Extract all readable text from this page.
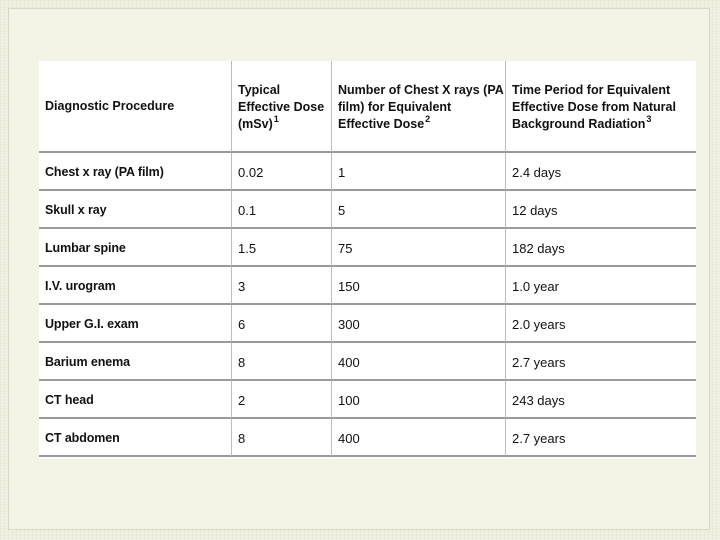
Diagnostic Procedure	Typical Effective Dose (mSv)$^1$	Number of Chest X rays (PA film) for Equivalent Effective Dose$^2$	Time Period for Equivalent Effective Dose from Natural Background Radiation$^3$
Chest x ray (PA film)	0.02	1	2.4 days
Skull x ray	0.1	5	12 days
Lumbar spine	1.5	75	182 days
I.V. urogram	3	150	1.0 year
Upper G.I. exam	6	300	2.0 years
Barium enema	8	400	2.7 years
CT head	2	100	243 days
CT abdomen	8	400	2.7 years
